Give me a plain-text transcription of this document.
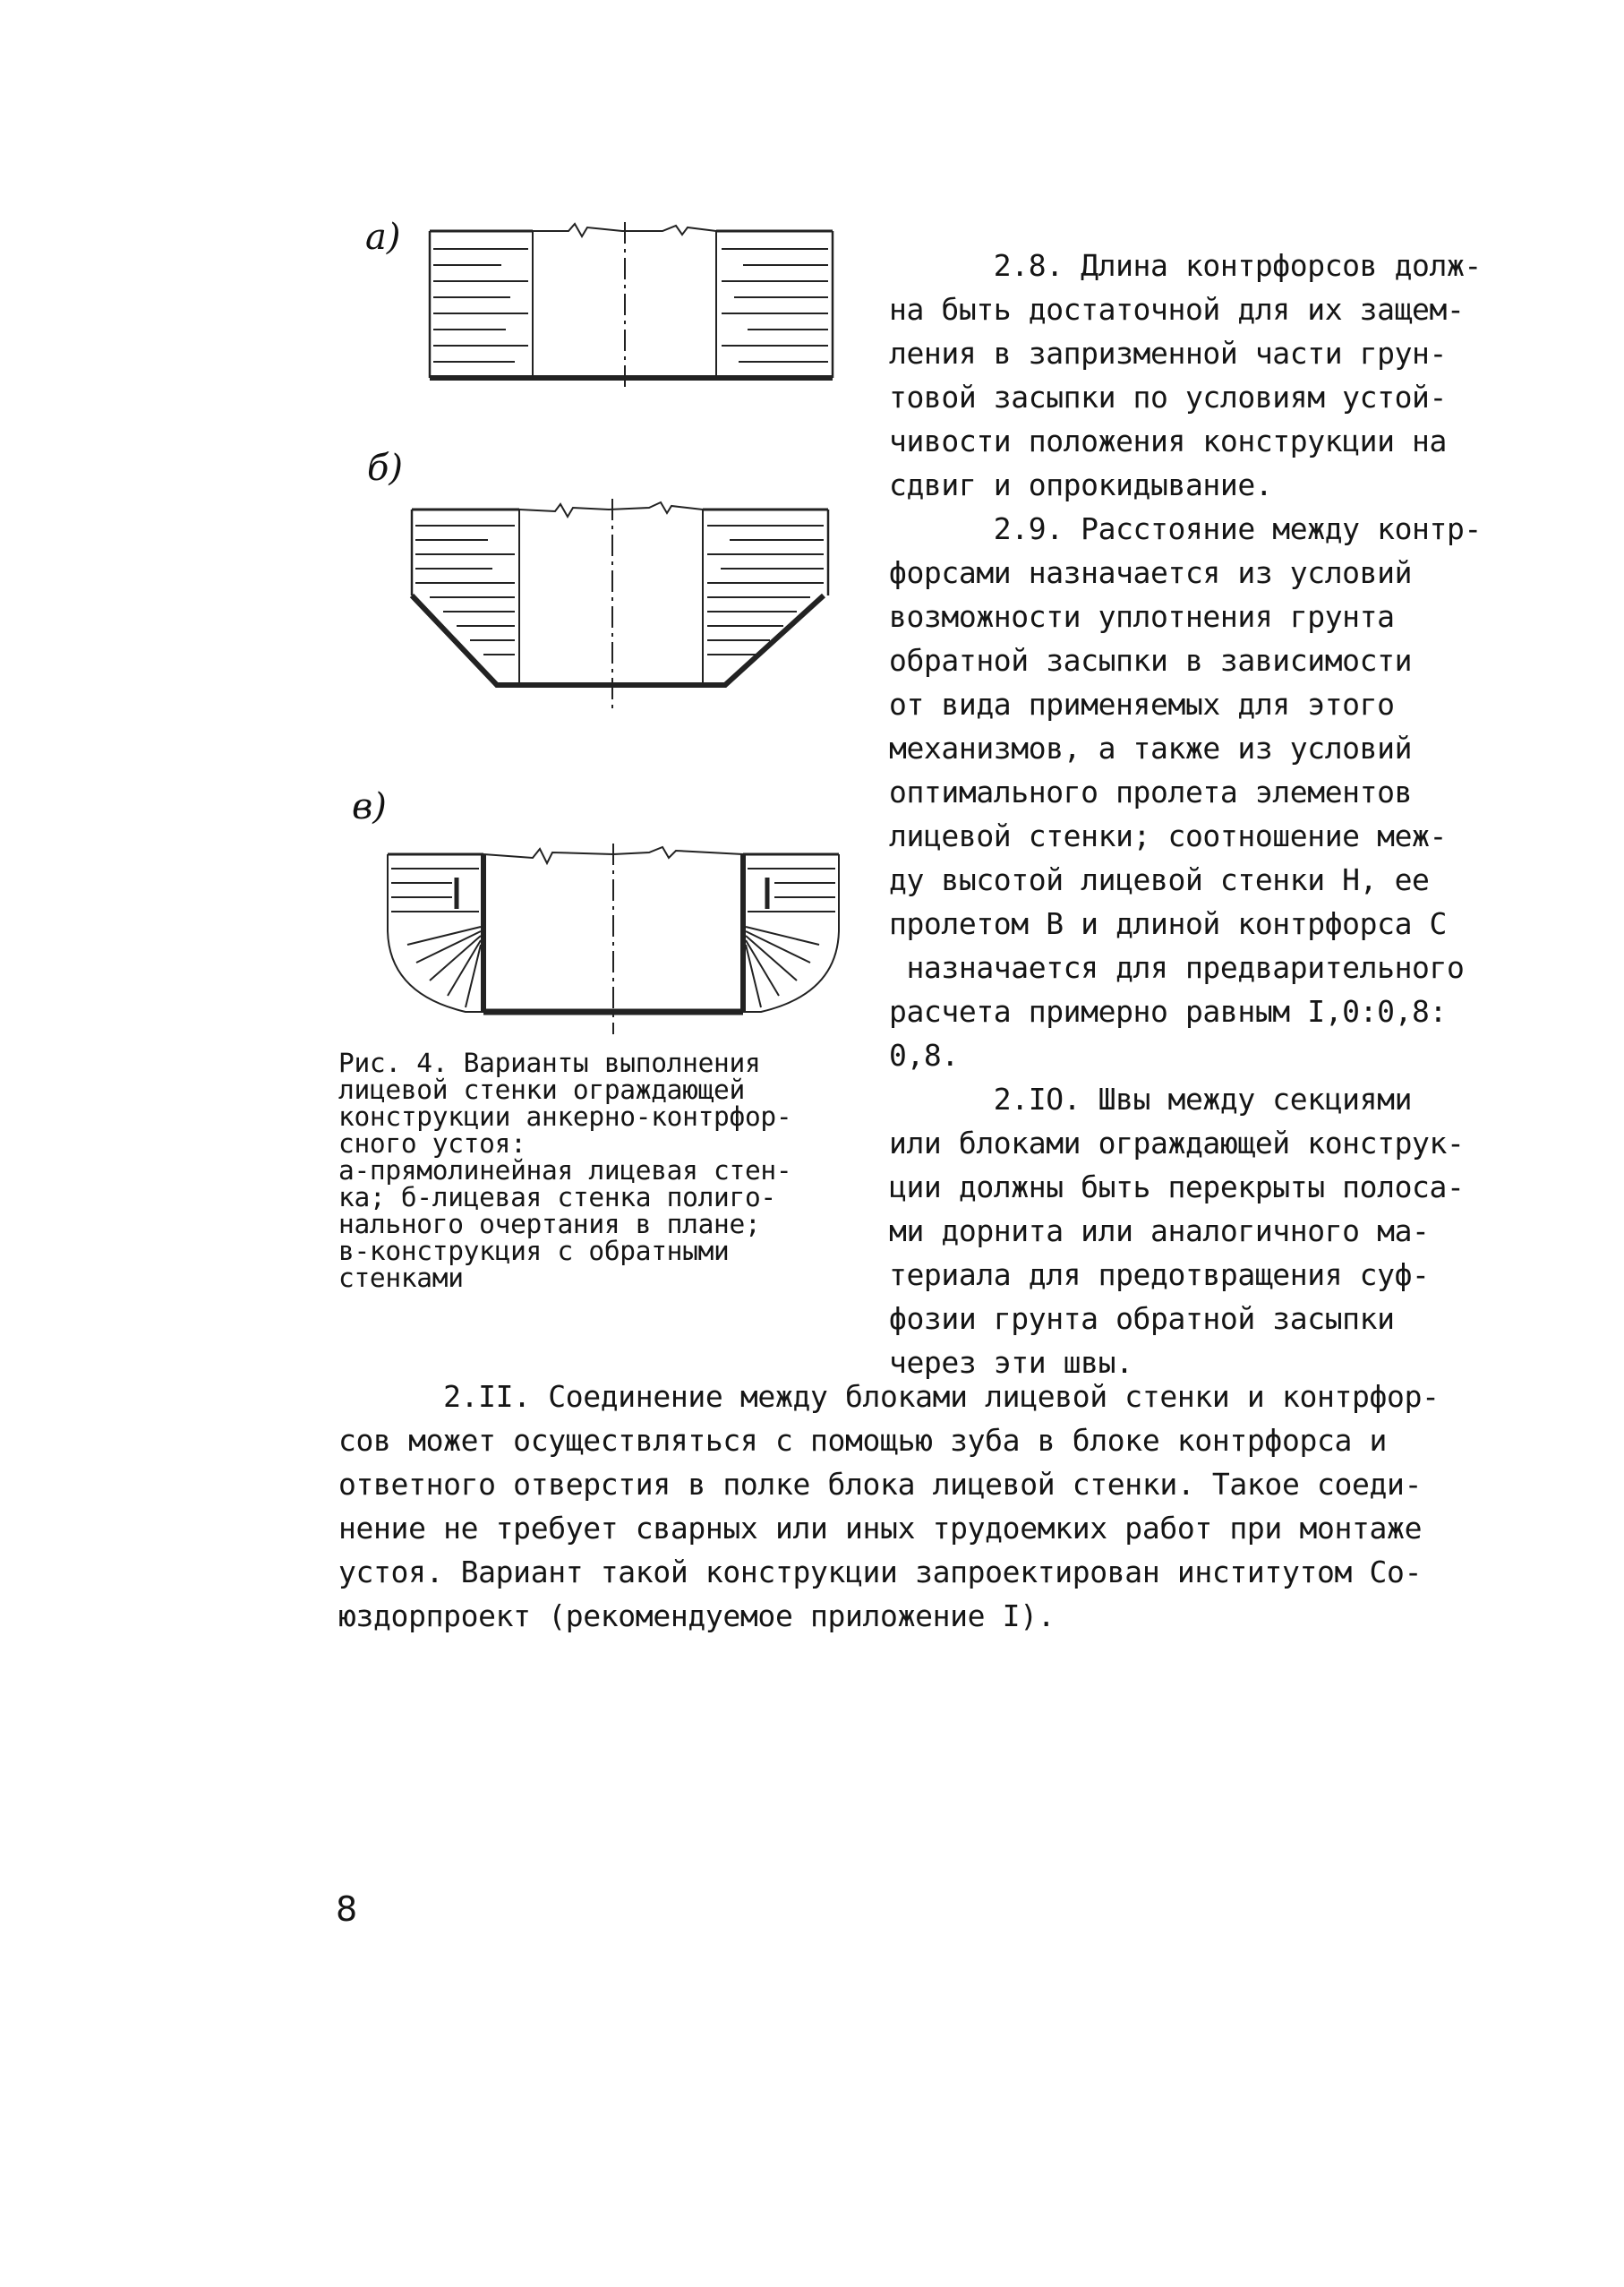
а)
б)
в)
Рис. 4. Варианты выполнения
лицевой стенки ограждающей
конструкции анкерно-контрфор-
сного устоя:
а-прямолинейная лицевая стен-
ка; б-лицевая стенка полиго-
нального очертания в плане;
в-конструкция с обратными
стенками
2.8. Длина контрфорсов долж-
на быть достаточной для их защем-
ления в запризменной части грун-
товой засыпки по условиям устой-
чивости положения конструкции на
сдвиг и опрокидывание.
2.9. Расстояние между контр-
форсами назначается из условий
возможности уплотнения грунта
обратной засыпки в зависимости
от вида применяемых для этого
механизмов, а также из условий
оптимального пролета элементов
лицевой стенки; соотношение меж-
ду высотой лицевой стенки Н, ее
пролетом В и длиной контрфорса С
назначается для предварительного
расчета примерно равным I,0:0,8:
0,8.
2.IO. Швы между секциями
или блоками ограждающей конструк-
ции должны быть перекрыты полоса-
ми дорнита или аналогичного ма-
териала для предотвращения суф-
фозии грунта обратной засыпки
через эти швы.
2.II. Соединение между блоками лицевой стенки и контрфор-
сов может осуществляться с помощью зуба в блоке контрфорса и
ответного отверстия в полке блока лицевой стенки. Такое соеди-
нение не требует сварных или иных трудоемких работ при монтаже
устоя. Вариант такой конструкции запроектирован институтом Со-
юздорпроект (рекомендуемое приложение I).
8
